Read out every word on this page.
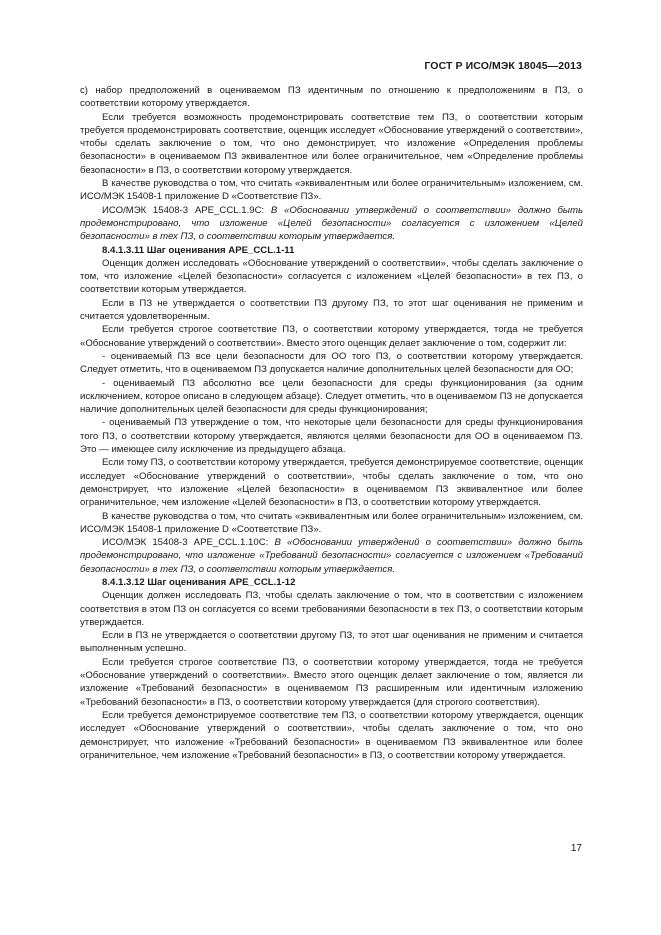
ГОСТ Р ИСО/МЭК 18045—2013

с) набор предположений в оцениваемом ПЗ идентичным по отношению к предположениям в ПЗ, о соответствии которому утверждается.

Если требуется возможность продемонстрировать соответствие тем ПЗ, о соответствии которым требуется продемонстрировать соответствие, оценщик исследует «Обоснование утверждений о соответствии», чтобы сделать заключение о том, что оно демонстрирует, что изложение «Определения проблемы безопасности» в оцениваемом ПЗ эквивалентное или более ограничительное, чем «Определение проблемы безопасности» в ПЗ, о соответствии которому утверждается.

В качестве руководства о том, что считать «эквивалентным или более ограничительным» изложением, см. ИСО/МЭК 15408-1 приложение D «Соответствие ПЗ».

ИСО/МЭК 15408-3 APE_CCL.1.9С: В «Обосновании утверждений о соответствии» должно быть продемонстрировано, что изложение «Целей безопасности» согласуется с изложением «Целей безопасности» в тех ПЗ, о соответствии которым утверждается.

8.4.1.3.11 Шаг оценивания APE_CCL.1-11

Оценщик должен исследовать «Обоснование утверждений о соответствии», чтобы сделать заключение о том, что изложение «Целей безопасности» согласуется с изложением «Целей безопасности» в тех ПЗ, о соответствии которым утверждается.

Если в ПЗ не утверждается о соответствии ПЗ другому ПЗ, то этот шаг оценивания не применим и считается удовлетворенным.

Если требуется строгое соответствие ПЗ, о соответствии которому утверждается, тогда не требуется «Обоснование утверждений о соответствии». Вместо этого оценщик делает заключение о том, содержит ли:

- оцениваемый ПЗ все цели безопасности для ОО того ПЗ, о соответствии которому утверждается. Следует отметить, что в оцениваемом ПЗ допускается наличие дополнительных целей безопасности для ОО;

- оцениваемый ПЗ абсолютно все цели безопасности для среды функционирования (за одним исключением, которое описано в следующем абзаце). Следует отметить, что в оцениваемом ПЗ не допускается наличие дополнительных целей безопасности для среды функционирования;

- оцениваемый ПЗ утверждение о том, что некоторые цели безопасности для среды функционирования того ПЗ, о соответствии которому утверждается, являются целями безопасности для ОО в оцениваемом ПЗ. Это — имеющее силу исключение из предыдущего абзаца.

Если тому ПЗ, о соответствии которому утверждается, требуется демонстрируемое соответствие, оценщик исследует «Обоснование утверждений о соответствии», чтобы сделать заключение о том, что оно демонстрирует, что изложение «Целей безопасности» в оцениваемом ПЗ эквивалентное или более ограничительное, чем изложение «Целей безопасности» в ПЗ, о соответствии которому утверждается.

В качестве руководства о том, что считать «эквивалентным или более ограничительным» изложением, см. ИСО/МЭК 15408-1 приложение D «Соответствие ПЗ».

ИСО/МЭК 15408-3 APE_CCL.1.10С: В «Обосновании утверждений о соответствии» должно быть продемонстрировано, что изложение «Требований безопасности» согласуется с изложением «Требований безопасности» в тех ПЗ, о соответствии которым утверждается.

8.4.1.3.12 Шаг оценивания APE_CCL.1-12

Оценщик должен исследовать ПЗ, чтобы сделать заключение о том, что в соответствии с изложением соответствия в этом ПЗ он согласуется со всеми требованиями безопасности в тех ПЗ, о соответствии которым утверждается.

Если в ПЗ не утверждается о соответствии другому ПЗ, то этот шаг оценивания не применим и считается выполненным успешно.

Если требуется строгое соответствие ПЗ, о соответствии которому утверждается, тогда не требуется «Обоснование утверждений о соответствии». Вместо этого оценщик делает заключение о том, является ли изложение «Требований безопасности» в оцениваемом ПЗ расширенным или идентичным изложению «Требований безопасности» в ПЗ, о соответствии которому утверждается (для строгого соответствия).

Если требуется демонстрируемое соответствие тем ПЗ, о соответствии которому утверждается, оценщик исследует «Обоснование утверждений о соответствии», чтобы сделать заключение о том, что оно демонстрирует, что изложение «Требований безопасности» в оцениваемом ПЗ эквивалентное или более ограничительное, чем изложение «Требований безопасности» в ПЗ, о соответствии которому утверждается.

17
